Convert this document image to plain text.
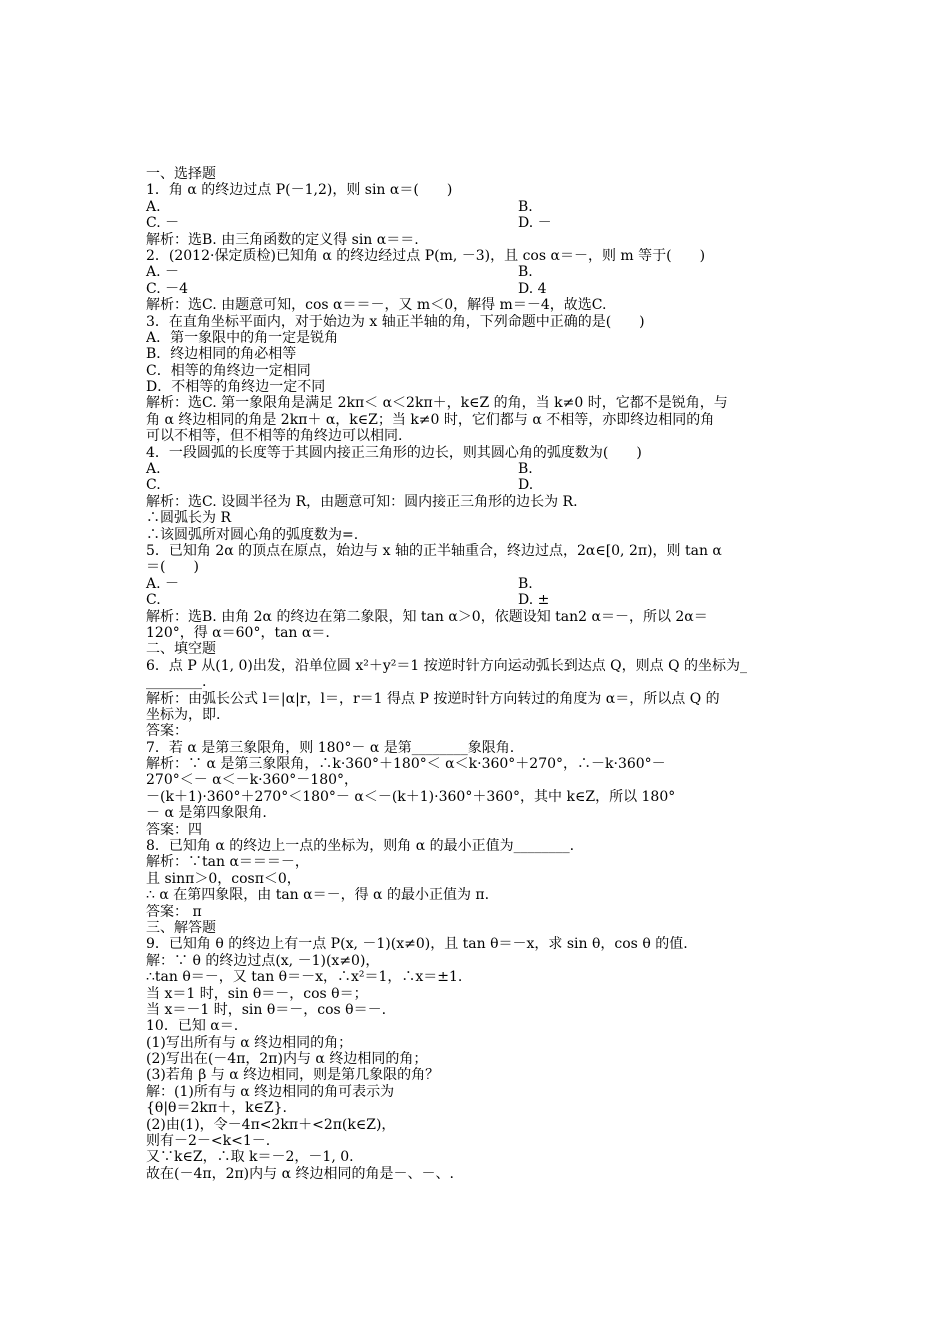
一、选择题
1．角 α 的终边过点 P(－1,2)，则 sin α＝(　　)
A.	B.
C. －	D. －
解析：选B. 由三角函数的定义得 sin α＝＝.
2．(2012·保定质检)已知角 α 的终边经过点 P(m, －3)，且 cos α＝－，则 m 等于(　　)
A. －	B.
C. －4	D. 4
解析：选C. 由题意可知，cos α＝＝－，又 m＜0，解得 m＝－4，故选C.
3．在直角坐标平面内，对于始边为 x 轴正半轴的角，下列命题中正确的是(　　)
A．第一象限中的角一定是锐角
B．终边相同的角必相等
C．相等的角终边一定相同
D．不相等的角终边一定不同
解析：选C. 第一象限角是满足 2kπ＜ α＜2kπ＋，k∈Z 的角，当 k≠0 时，它都不是锐角，与
角 α 终边相同的角是 2kπ＋ α，k∈Z；当 k≠0 时，它们都与 α 不相等，亦即终边相同的角
可以不相等，但不相等的角终边可以相同.
4．一段圆弧的长度等于其圆内接正三角形的边长，则其圆心角的弧度数为(　　)
A.	B.
C.	D.
解析：选C. 设圆半径为 R，由题意可知：圆内接正三角形的边长为 R.
∴圆弧长为 R
∴该圆弧所对圆心角的弧度数为=.
5．已知角 2α 的顶点在原点，始边与 x 轴的正半轴重合，终边过点，2α∈[0, 2π)，则 tan α
＝(　　)
A. －	B.
C.	D. ±
解析：选B. 由角 2α 的终边在第二象限，知 tan α＞0，依题设知 tan2 α＝－，所以 2α＝
120°，得 α＝60°，tan α＝.
二、填空题
6．点 P 从(1, 0)出发，沿单位圆 x²＋y²＝1 按逆时针方向运动弧长到达点 Q，则点 Q 的坐标为_
________.
解析：由弧长公式 l＝|α|r，l＝，r＝1 得点 P 按逆时针方向转过的角度为 α＝，所以点 Q 的
坐标为，即.
答案：
7．若 α 是第三象限角，则 180°－ α 是第________象限角.
解析：∵ α 是第三象限角，∴k·360°＋180°＜ α＜k·360°＋270°，∴－k·360°－
270°＜－ α＜－k·360°－180°，
－(k＋1)·360°＋270°＜180°－ α＜－(k＋1)·360°＋360°，其中 k∈Z，所以 180°
－ α 是第四象限角.
答案：四
8．已知角 α 的终边上一点的坐标为，则角 α 的最小正值为________.
解析：∵tan α＝＝＝－，
且 sinπ＞0，cosπ＜0，
∴ α 在第四象限，由 tan α＝－，得 α 的最小正值为 π.
答案： π
三、解答题
9．已知角 θ 的终边上有一点 P(x, －1)(x≠0)，且 tan θ＝－x，求 sin θ，cos θ 的值.
解：∵ θ 的终边过点(x, －1)(x≠0)，
∴tan θ＝－，又 tan θ＝－x，∴x²＝1，∴x＝±1.
当 x＝1 时，sin θ＝－，cos θ＝；
当 x＝－1 时，sin θ＝－，cos θ＝－.
10．已知 α＝.
(1)写出所有与 α 终边相同的角；
(2)写出在(－4π，2π)内与 α 终边相同的角；
(3)若角 β 与 α 终边相同，则是第几象限的角？
解：(1)所有与 α 终边相同的角可表示为
{θ|θ＝2kπ＋，k∈Z}.
(2)由(1)，令－4π<2kπ＋<2π(k∈Z)，
则有－2－<k<1－.
又∵k∈Z，∴取 k＝－2，－1, 0.
故在(－4π，2π)内与 α 终边相同的角是－、－、.
